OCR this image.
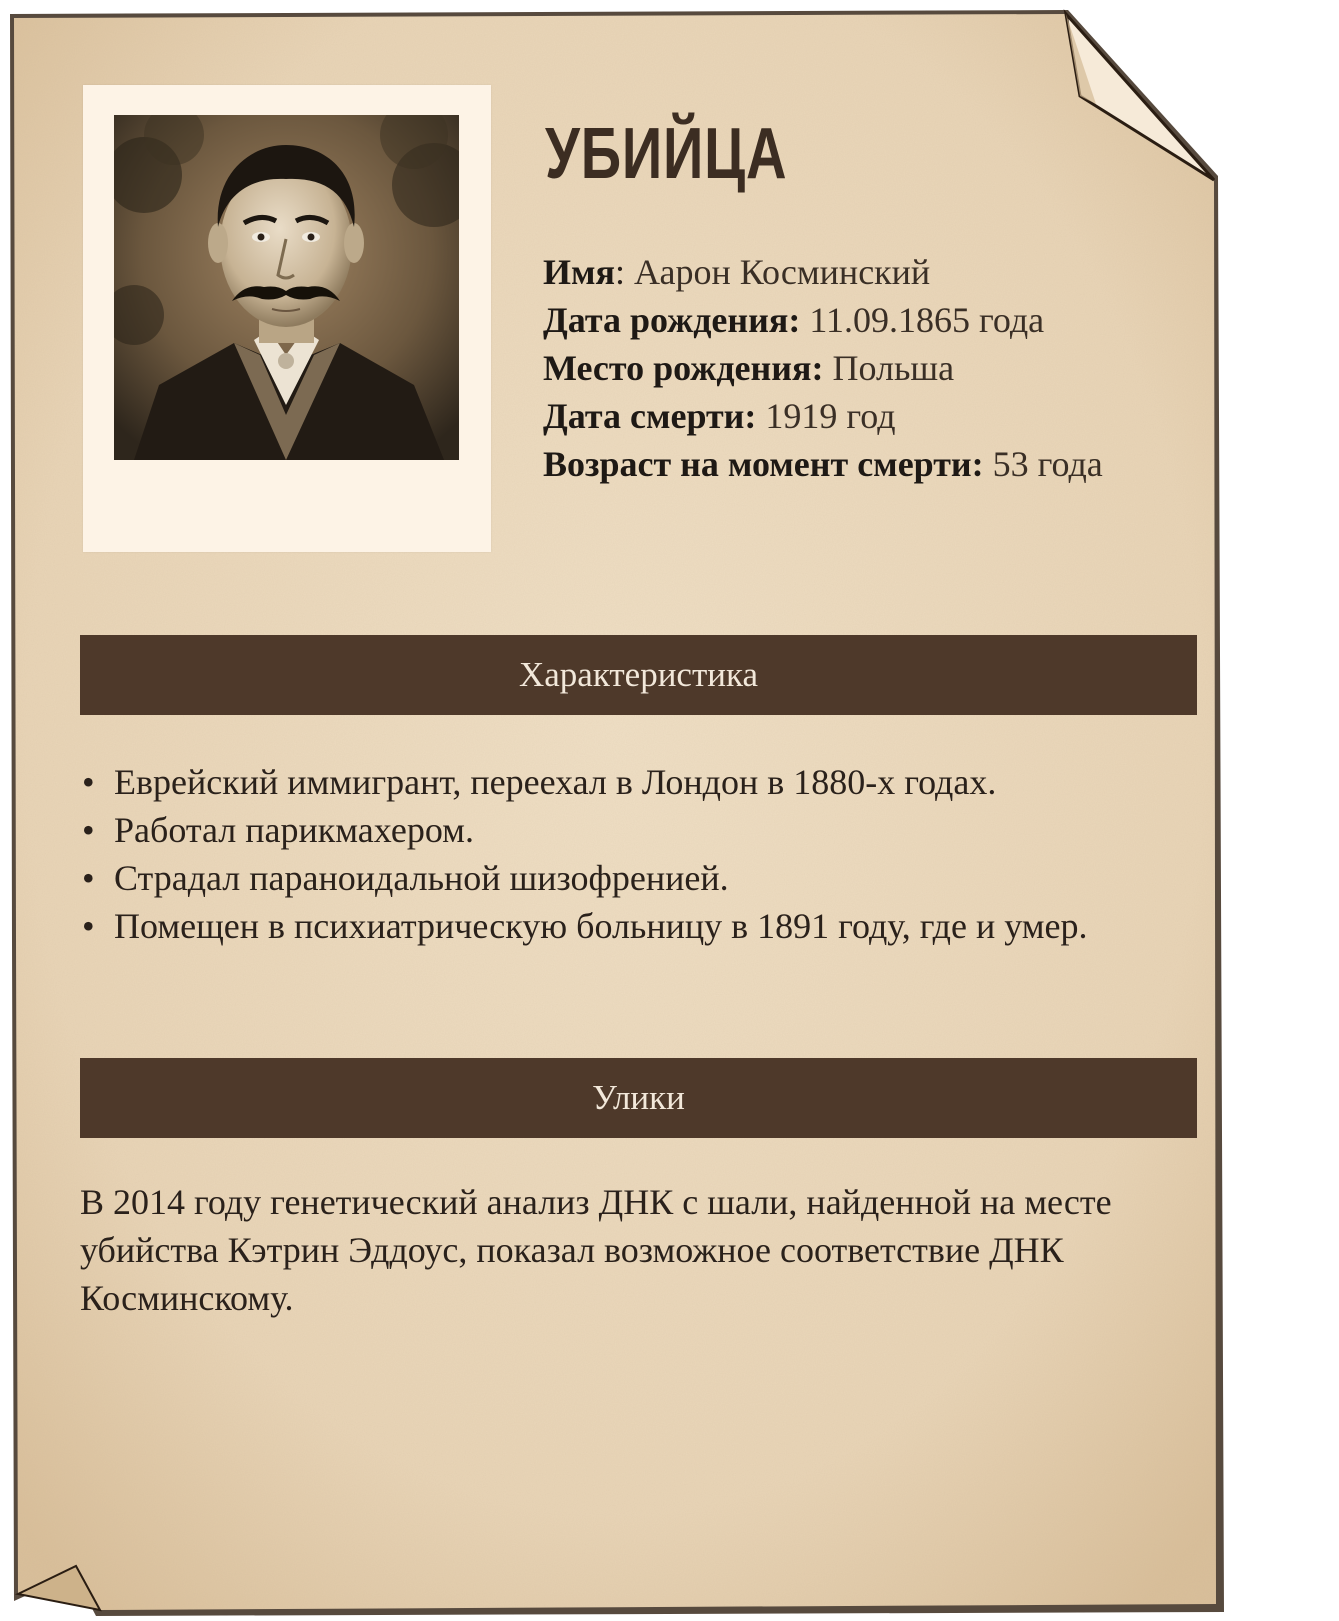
УБИЙЦА
Имя: Аарон Косминский
Дата рождения: 11.09.1865 года
Место рождения: Польша
Дата смерти: 1919 год
Возраст на момент смерти: 53 года
Характеристика
• Еврейский иммигрант, переехал в Лондон в 1880-х годах.
• Работал парикмахером.
• Страдал параноидальной шизофренией.
• Помещен в психиатрическую больницу в 1891 году, где и умер.
Улики

В 2014 году генетический анализ ДНК с шали, найденной на месте убийства Кэтрин Эддоус, показал возможное соответствие ДНК Косминскому.
